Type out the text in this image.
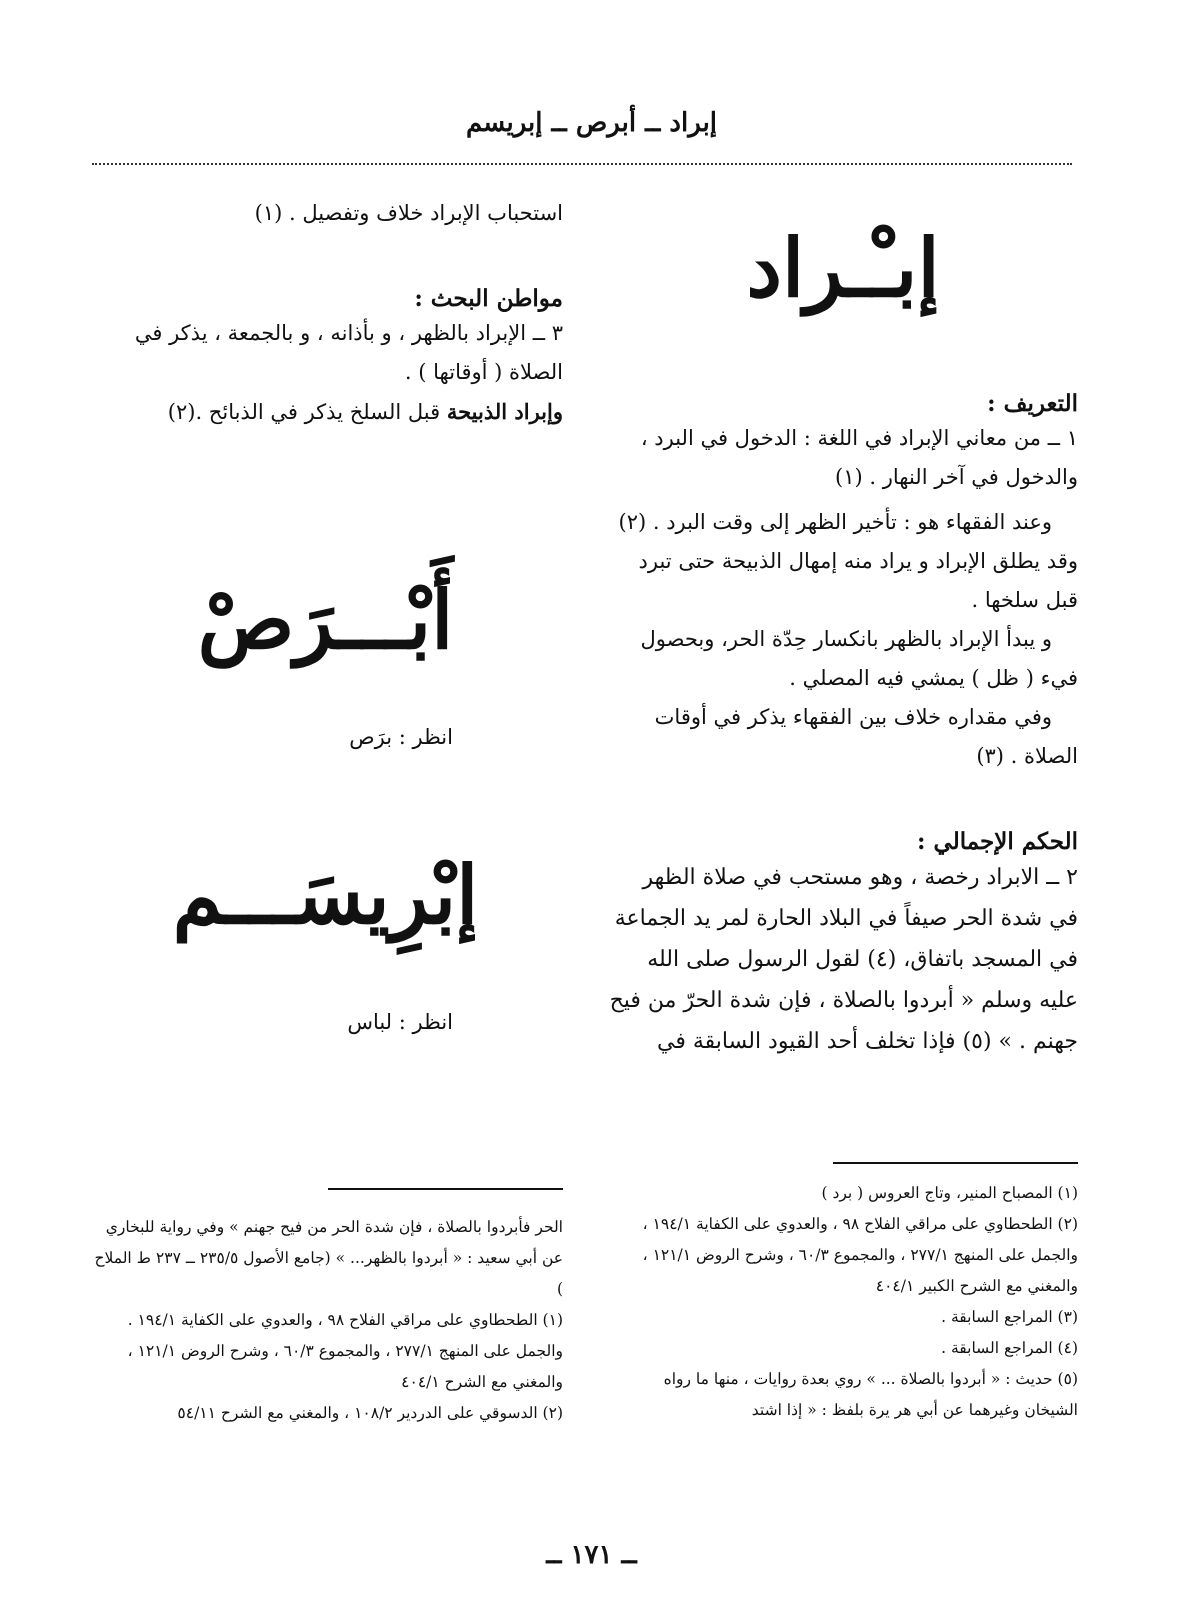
إبراد ــ أبرص ــ إبريسم
إبـْـراد
التعريف :

١ ــ من معاني الإبراد في اللغة : الدخول في البرد ، والدخول في آخر النهار . (١)

وعند الفقهاء هو : تأخير الظهر إلى وقت البرد . (٢) وقد يطلق الإبراد و يراد منه إمهال الذبيحة حتى تبرد قبل سلخها .

و يبدأ الإبراد بالظهر بانكسار حِدّة الحر، وبحصول فيء ( ظل ) يمشي فيه المصلي .

وفي مقداره خلاف بين الفقهاء يذكر في أوقات الصلاة . (٣)

الحكم الإجمالي :

٢ ــ الابراد رخصة ، وهو مستحب في صلاة الظهر في شدة الحر صيفاً في البلاد الحارة لمر يد الجماعة في المسجد باتفاق، (٤) لقول الرسول صلى الله عليه وسلم « أبردوا بالصلاة ، فإن شدة الحرّ من فيح جهنم . » (٥) فإذا تخلف أحد القيود السابقة في

استحباب الإبراد خلاف وتفصيل . (١)

مواطن البحث :

٣ ــ الإبراد بالظهر ، و بأذانه ، و بالجمعة ، يذكر في الصلاة ( أوقاتها ) .

وإبراد الذبيحة قبل السلخ يذكر في الذبائح .(٢)

أَبْـــرَصْ

انظر : برَص

إبْرِيسَـــم

انظر : لباس

(١) المصباح المنير، وتاج العروس ( برد )

(٢) الطحطاوي على مراقي الفلاح ٩٨ ، والعدوي على الكفاية ١٩٤/١ ، والجمل على المنهج ٢٧٧/١ ، والمجموع ٦٠/٣ ، وشرح الروض ١٢١/١ ، والمغني مع الشرح الكبير ٤٠٤/١

(٣) المراجع السابقة .

(٤) المراجع السابقة .

(٥) حديث : « أبردوا بالصلاة ... » روي بعدة روايات ، منها ما رواه الشيخان وغيرهما عن أبي هر يرة بلفظ : « إذا اشتد

الحر فأبردوا بالصلاة ، فإن شدة الحر من فيح جهنم » وفي رواية للبخاري عن أبي سعيد : « أبردوا بالظهر... » (جامع الأصول ٢٣٥/٥ ــ ٢٣٧ ط الملاح )

(١) الطحطاوي على مراقي الفلاح ٩٨ ، والعدوي على الكفاية ١٩٤/١ . والجمل على المنهج ٢٧٧/١ ، والمجموع ٦٠/٣ ، وشرح الروض ١٢١/١ ، والمغني مع الشرح ٤٠٤/١

(٢) الدسوقي على الدردير ١٠٨/٢ ، والمغني مع الشرح ٥٤/١١

ــ ١٧١ ــ
